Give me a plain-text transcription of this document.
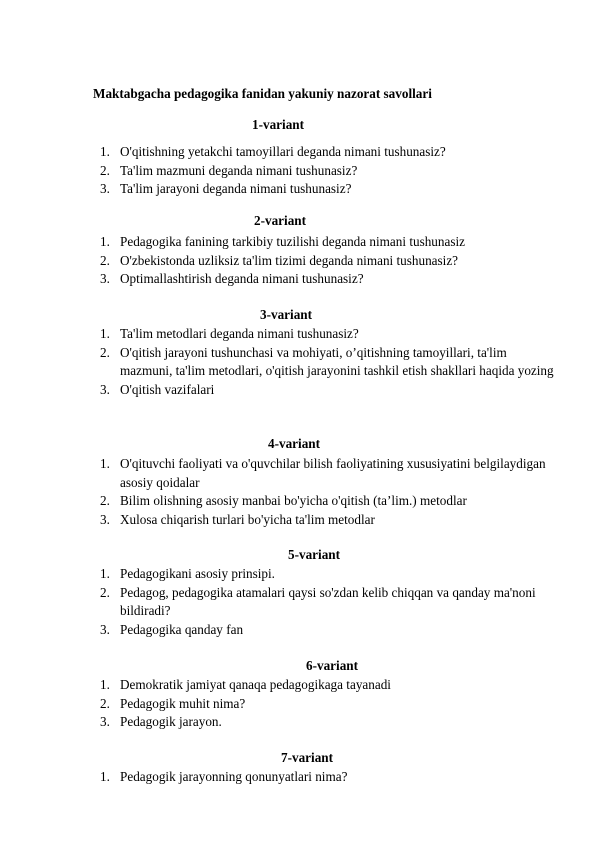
Maktabgacha pedagogika fanidan yakuniy nazorat savollari
1-variant
1. O'qitishning yetakchi tamoyillari deganda nimani tushunasiz?
2. Ta'lim mazmuni deganda nimani tushunasiz?
3. Ta'lim jarayoni deganda nimani tushunasiz?
2-variant
1. Pedagogika fanining tarkibiy tuzilishi deganda nimani tushunasiz
2. O'zbekistonda uzliksiz ta'lim tizimi deganda nimani tushunasiz?
3. Optimallashtirish deganda nimani tushunasiz?
3-variant
1. Ta'lim metodlari deganda nimani tushunasiz?
2. O'qitish jarayoni tushunchasi va mohiyati, o’qitishning tamoyillari, ta'lim mazmuni, ta'lim metodlari, o'qitish jarayonini tashkil etish shakllari haqida yozing
3. O'qitish vazifalari
4-variant
1. O'qituvchi faoliyati va o'quvchilar bilish faoliyatining xususiyatini belgilaydigan asosiy qoidalar
2. Bilim olishning asosiy manbai bo'yicha o'qitish (ta’lim.) metodlar
3. Xulosa chiqarish turlari bo'yicha ta'lim metodlar
5-variant
1. Pedagogikani asosiy prinsipi.
2. Pedagog, pedagogika atamalari qaysi so'zdan kelib chiqqan va qanday ma'noni bildiradi?
3. Pedagogika qanday fan
6-variant
1. Demokratik jamiyat qanaqa pedagogikaga tayanadi
2. Pedagogik muhit nima?
3. Pedagogik jarayon.
7-variant
1. Pedagogik jarayonning qonunyatlari nima?
